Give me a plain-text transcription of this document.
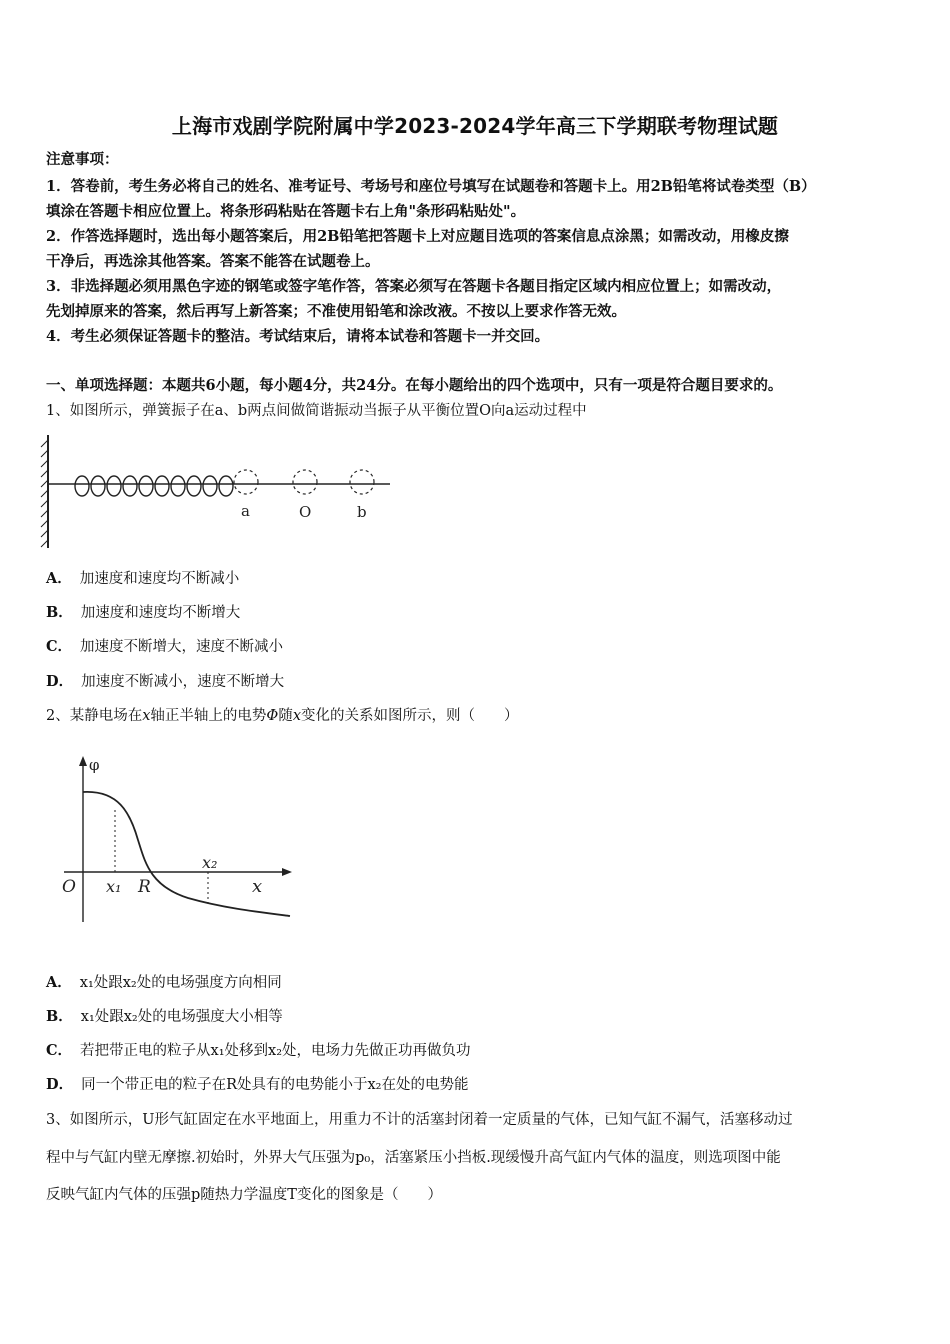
上海市戏剧学院附属中学2023-2024学年高三下学期联考物理试题
注意事项：
1．答卷前，考生务必将自己的姓名、准考证号、考场号和座位号填写在试题卷和答题卡上。用2B铅笔将试卷类型（B）
填涂在答题卡相应位置上。将条形码粘贴在答题卡右上角"条形码粘贴处"。
2．作答选择题时，选出每小题答案后，用2B铅笔把答题卡上对应题目选项的答案信息点涂黑；如需改动，用橡皮擦
干净后，再选涂其他答案。答案不能答在试题卷上。
3．非选择题必须用黑色字迹的钢笔或签字笔作答，答案必须写在答题卡各题目指定区域内相应位置上；如需改动，
先划掉原来的答案，然后再写上新答案；不准使用铅笔和涂改液。不按以上要求作答无效。
4．考生必须保证答题卡的整洁。考试结束后，请将本试卷和答题卡一并交回。
一、单项选择题：本题共6小题，每小题4分，共24分。在每小题给出的四个选项中，只有一项是符合题目要求的。
1、如图所示，弹簧振子在a、b两点间做简谐振动当振子从平衡位置O向a运动过程中
a	O	b
A． 加速度和速度均不断减小
B． 加速度和速度均不断增大
C． 加速度不断增大，速度不断减小
D． 加速度不断减小，速度不断增大
2、某静电场在x轴正半轴上的电势Φ随x变化的关系如图所示，则（　　）
φ
O x₁ R
x₂
x
A． x₁处跟x₂处的电场强度方向相同
B． x₁处跟x₂处的电场强度大小相等
C． 若把带正电的粒子从x₁处移到x₂处，电场力先做正功再做负功
D． 同一个带正电的粒子在R处具有的电势能小于x₂在处的电势能
3、如图所示，U形气缸固定在水平地面上，用重力不计的活塞封闭着一定质量的气体，已知气缸不漏气，活塞移动过
程中与气缸内壁无摩擦.初始时，外界大气压强为p₀，活塞紧压小挡板.现缓慢升高气缸内气体的温度，则选项图中能
反映气缸内气体的压强p随热力学温度T变化的图象是（　　）
